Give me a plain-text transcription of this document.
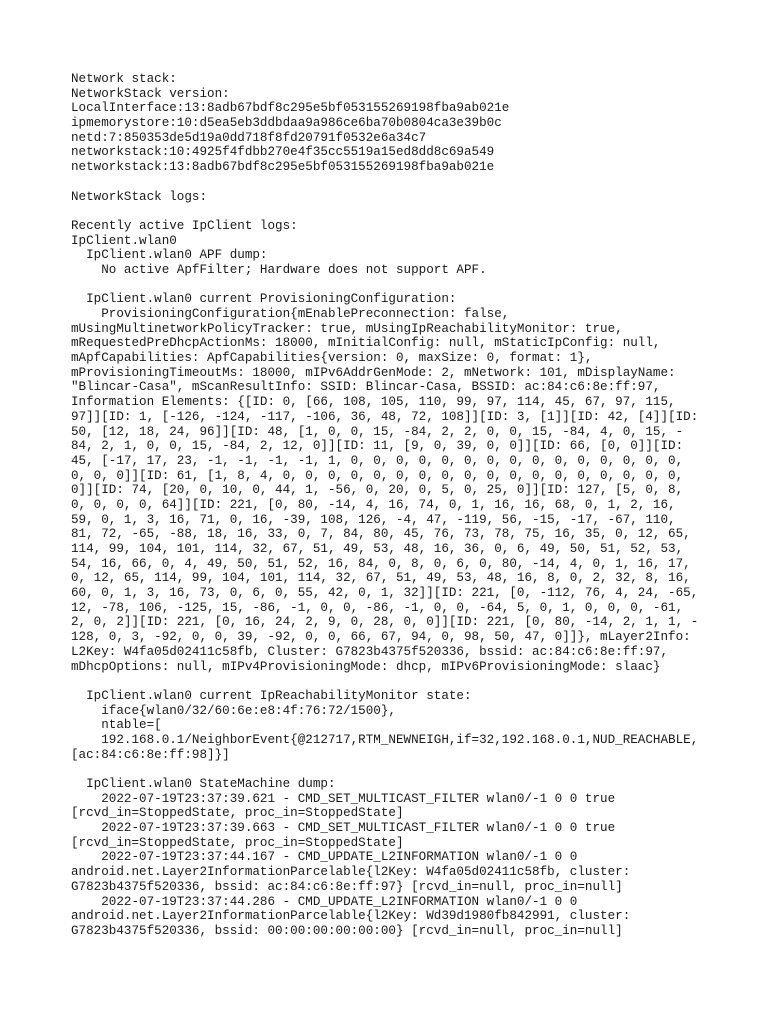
Network stack:
NetworkStack version:
LocalInterface:13:8adb67bdf8c295e5bf053155269198fba9ab021e
ipmemorystore:10:d5ea5eb3ddbdaa9a986ce6ba70b0804ca3e39b0c
netd:7:850353de5d19a0dd718f8fd20791f0532e6a34c7
networkstack:10:4925f4fdbb270e4f35cc5519a15ed8dd8c69a549
networkstack:13:8adb67bdf8c295e5bf053155269198fba9ab021e
NetworkStack logs:
Recently active IpClient logs:
IpClient.wlan0
IpClient.wlan0 APF dump:
No active ApfFilter; Hardware does not support APF.
IpClient.wlan0 current ProvisioningConfiguration:
ProvisioningConfiguration{mEnablePreconnection: false,
mUsingMultinetworkPolicyTracker: true, mUsingIpReachabilityMonitor: true,
mRequestedPreDhcpActionMs: 18000, mInitialConfig: null, mStaticIpConfig: null,
mApfCapabilities: ApfCapabilities{version: 0, maxSize: 0, format: 1},
mProvisioningTimeoutMs: 18000, mIPv6AddrGenMode: 2, mNetwork: 101, mDisplayName:
"Blincar-Casa", mScanResultInfo: SSID: Blincar-Casa, BSSID: ac:84:c6:8e:ff:97,
Information Elements: {[ID: 0, [66, 108, 105, 110, 99, 97, 114, 45, 67, 97, 115,
97]][ID: 1, [-126, -124, -117, -106, 36, 48, 72, 108]][ID: 3, [1]][ID: 42, [4]][ID:
50, [12, 18, 24, 96]][ID: 48, [1, 0, 0, 15, -84, 2, 2, 0, 0, 15, -84, 4, 0, 15, -
84, 2, 1, 0, 0, 15, -84, 2, 12, 0]][ID: 11, [9, 0, 39, 0, 0]][ID: 66, [0, 0]][ID:
45, [-17, 17, 23, -1, -1, -1, -1, 1, 0, 0, 0, 0, 0, 0, 0, 0, 0, 0, 0, 0, 0, 0, 0,
0, 0, 0]][ID: 61, [1, 8, 4, 0, 0, 0, 0, 0, 0, 0, 0, 0, 0, 0, 0, 0, 0, 0, 0, 0, 0,
0]][ID: 74, [20, 0, 10, 0, 44, 1, -56, 0, 20, 0, 5, 0, 25, 0]][ID: 127, [5, 0, 8,
0, 0, 0, 0, 64]][ID: 221, [0, 80, -14, 4, 16, 74, 0, 1, 16, 16, 68, 0, 1, 2, 16,
59, 0, 1, 3, 16, 71, 0, 16, -39, 108, 126, -4, 47, -119, 56, -15, -17, -67, 110,
81, 72, -65, -88, 18, 16, 33, 0, 7, 84, 80, 45, 76, 73, 78, 75, 16, 35, 0, 12, 65,
114, 99, 104, 101, 114, 32, 67, 51, 49, 53, 48, 16, 36, 0, 6, 49, 50, 51, 52, 53,
54, 16, 66, 0, 4, 49, 50, 51, 52, 16, 84, 0, 8, 0, 6, 0, 80, -14, 4, 0, 1, 16, 17,
0, 12, 65, 114, 99, 104, 101, 114, 32, 67, 51, 49, 53, 48, 16, 8, 0, 2, 32, 8, 16,
60, 0, 1, 3, 16, 73, 0, 6, 0, 55, 42, 0, 1, 32]][ID: 221, [0, -112, 76, 4, 24, -65,
12, -78, 106, -125, 15, -86, -1, 0, 0, -86, -1, 0, 0, -64, 5, 0, 1, 0, 0, 0, -61,
2, 0, 2]][ID: 221, [0, 16, 24, 2, 9, 0, 28, 0, 0]][ID: 221, [0, 80, -14, 2, 1, 1, -
128, 0, 3, -92, 0, 0, 39, -92, 0, 0, 66, 67, 94, 0, 98, 50, 47, 0]]}, mLayer2Info:
L2Key: W4fa05d02411c58fb, Cluster: G7823b4375f520336, bssid: ac:84:c6:8e:ff:97,
mDhcpOptions: null, mIPv4ProvisioningMode: dhcp, mIPv6ProvisioningMode: slaac}
IpClient.wlan0 current IpReachabilityMonitor state:
iface{wlan0/32/60:6e:e8:4f:76:72/1500},
ntable=[
192.168.0.1/NeighborEvent{@212717,RTM_NEWNEIGH,if=32,192.168.0.1,NUD_REACHABLE,
[ac:84:c6:8e:ff:98]}]
IpClient.wlan0 StateMachine dump:
2022-07-19T23:37:39.621 - CMD_SET_MULTICAST_FILTER wlan0/-1 0 0 true
[rcvd_in=StoppedState, proc_in=StoppedState]
2022-07-19T23:37:39.663 - CMD_SET_MULTICAST_FILTER wlan0/-1 0 0 true
[rcvd_in=StoppedState, proc_in=StoppedState]
2022-07-19T23:37:44.167 - CMD_UPDATE_L2INFORMATION wlan0/-1 0 0
android.net.Layer2InformationParcelable{l2Key: W4fa05d02411c58fb, cluster:
G7823b4375f520336, bssid: ac:84:c6:8e:ff:97} [rcvd_in=null, proc_in=null]
2022-07-19T23:37:44.286 - CMD_UPDATE_L2INFORMATION wlan0/-1 0 0
android.net.Layer2InformationParcelable{l2Key: Wd39d1980fb842991, cluster:
G7823b4375f520336, bssid: 00:00:00:00:00:00} [rcvd_in=null, proc_in=null]
